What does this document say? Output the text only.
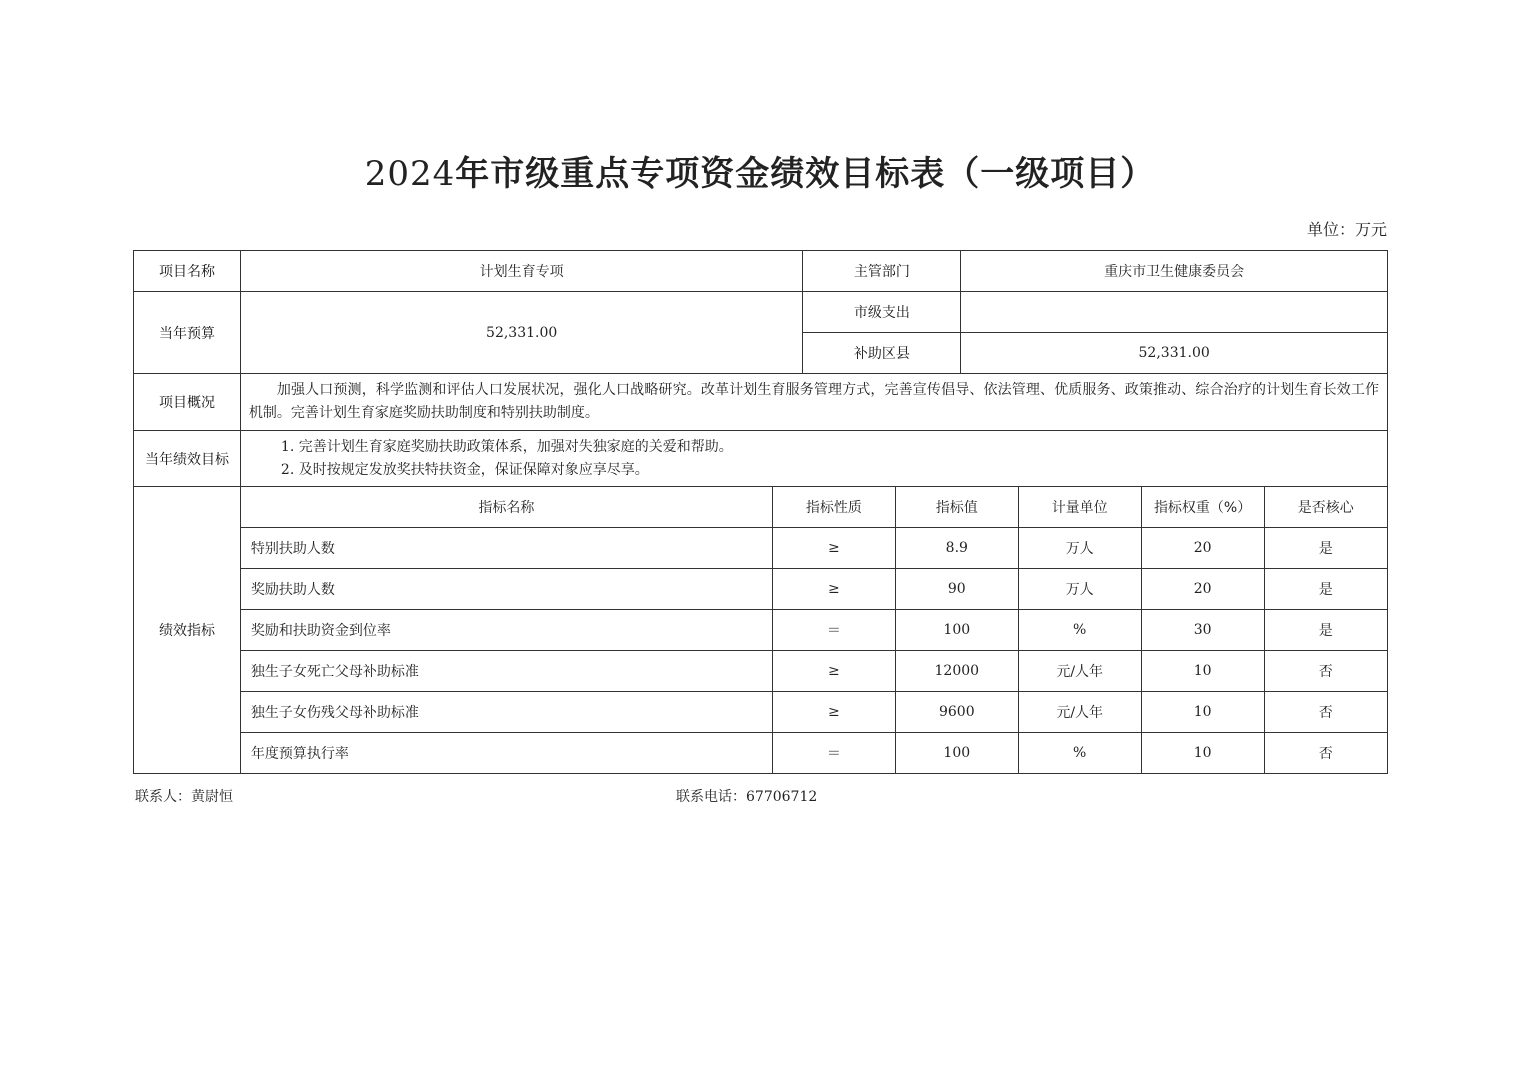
2024年市级重点专项资金绩效目标表（一级项目）
单位：万元
项目名称	计划生育专项	主管部门	重庆市卫生健康委员会
当年预算	52,331.00	市级支出	
补助区县	52,331.00
项目概况	加强人口预测，科学监测和评估人口发展状况，强化人口战略研究。改革计划生育服务管理方式，完善宣传倡导、依法管理、优质服务、政策推动、综合治疗的计划生育长效工作机制。完善计划生育家庭奖励扶助制度和特别扶助制度。
当年绩效目标	
1. 完善计划生育家庭奖励扶助政策体系，加强对失独家庭的关爱和帮助。
2. 及时按规定发放奖扶特扶资金，保证保障对象应享尽享。

绩效指标	
指标名称	指标性质	指标值	计量单位	指标权重（%）	是否核心
特别扶助人数	≥	8.9	万人	20	是
奖励扶助人数	≥	90	万人	20	是
奖励和扶助资金到位率	＝	100	%	30	是
独生子女死亡父母补助标准	≥	12000	元/人年	10	否
独生子女伤残父母补助标准	≥	9600	元/人年	10	否
年度预算执行率	＝	100	%	10	否
联系人：黄尉恒	联系电话：67706712
